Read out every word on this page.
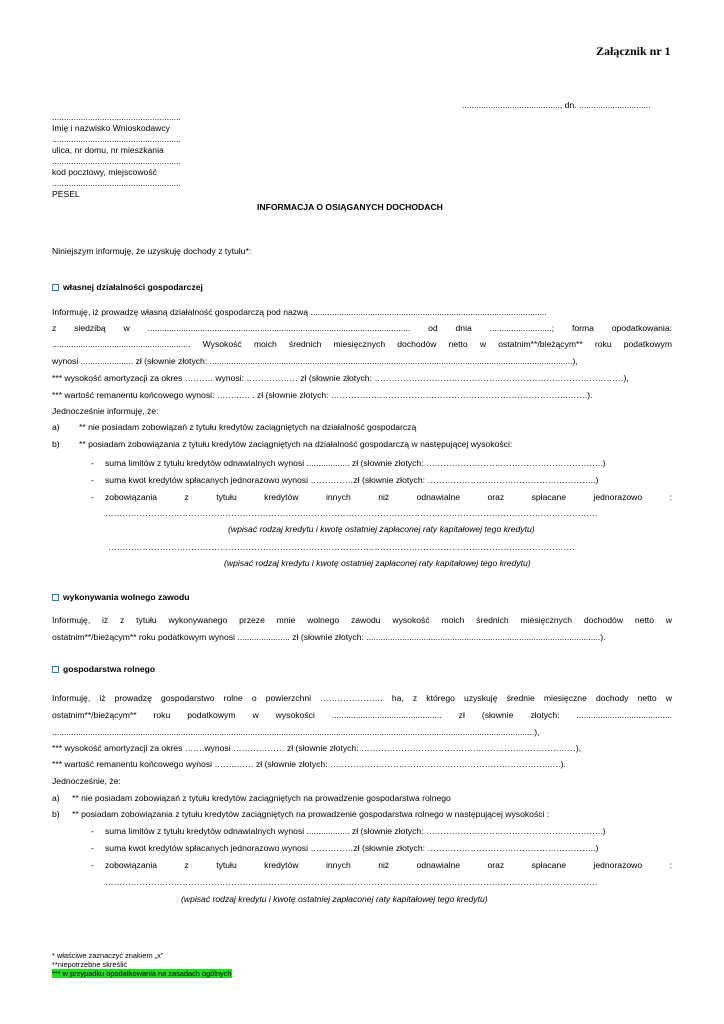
Załącznik nr 1
........................................., dn. ..............................
......................................................
Imię i nazwisko Wnioskodawcy
......................................................
ulica, nr domu, nr mieszkania
......................................................
kod pocztowy, miejscowość
......................................................
PESEL
INFORMACJA O OSIĄGANYCH DOCHODACH
Niniejszym informuję, że uzyskuję dochody z tytułu*:
własnej działalności gospodarczej
Informuję, iż prowadzę własną działalność gospodarczą pod nazwą ...................................................................................................
z siedzibą w .............................................................................................................. od dnia ..........................; forma opodatkowania:
.......................................................... Wysokość moich średnich miesięcznych dochodów netto w ostatnim**/bieżącym** roku podatkowym
wynosi ...................... zł (słownie złotych: ........................................................................................................................................................),
*** wysokość amortyzacji za okres ………. wynosi: ……………… zł (słownie złotych: ……………………………………………………………………………),
*** wartość remanentu końcowego wynosi: ……..…. . zł (słownie złotych: ………………………………………………………………………..…….).
Jednocześnie informuję, że:
a) ** nie posiadam zobowiązań z tytułu kredytów zaciągniętych na działalność gospodarczą
b) ** posiadam zobowiązania z tytułu kredytów zaciągniętych na działalność gospodarczą w następującej wysokości:
- suma limitów z tytułu kredytów odnawialnych wynosi .................. zł (słownie złotych: ……………………………………………………..)
- suma kwot kredytów spłacanych jednorazowo wynosi ……………zł (słownie złotych: …………………………………………………..)
- zobowiązania	z	tytułu	kredytów	innych	niż	odnawialne	oraz	spłacane	jednorazowo	:
……………………………………………………………………………………………………………………………………………………….
(wpisać rodzaj kredytu i kwotę ostatniej zapłaconej raty kapitałowej tego kredytu)
……………………………………………………………………………………………………………………………………………….
(wpisać rodzaj kredytu i kwotę ostatniej zapłaconej raty kapitałowej tego kredytu)
wykonywania wolnego zawodu
Informuję, iż z tytułu wykonywanego przeze mnie wolnego zawodu wysokość moich średnich miesięcznych dochodów netto w
ostatnim**/bieżącym** roku podatkowym wynosi ...................... zł (słownie złotych: ..................................................................................................).
gospodarstwa rolnego
Informuję, iż prowadzę gospodarstwo rolne o powierzchni …………………. ha, z którego uzyskuję średnie miesięczne dochody netto w
ostatnim**/bieżącym** roku podatkowym w wysokości .............................................. zł (słownie złotych: ........................................
..........................................................................................................................................................................................................),
*** wysokość amortyzacji za okres …….wynosi ……………… zł (słownie złotych: …………………………………………………………………),
*** wartość remanentu końcowego wynosi ……..…… zł (słownie złotych: …………………………………………………………………..….).
Jednocześnie, że:
a) ** nie posiadam zobowiązań z tytułu kredytów zaciągniętych na prowadzenie gospodarstwa rolnego
b) ** posiadam zobowiązania z tytułu kredytów zaciągniętych na prowadzenie gospodarstwa rolnego w następującej wysokości :
- suma limitów z tytułu kredytów odnawialnych wynosi .................. zł (słownie złotych: ……………………………………………………..)
- suma kwot kredytów spłacanych jednorazowo wynosi ……………zł (słownie złotych: …………………………………………………..)
- zobowiązania	z	tytułu	kredytów	innych	niż	odnawialne	oraz	spłacane	jednorazowo	:
……………………………………………………………………………………………………………………………………………………….
(wpisać rodzaj kredytu i kwotę ostatniej zapłaconej raty kapitałowej tego kredytu)
* właściwe zaznaczyć znakiem „x”
**niepotrzebne skreślić
*** w przypadku opodatkowania na zasadach ogólnych
